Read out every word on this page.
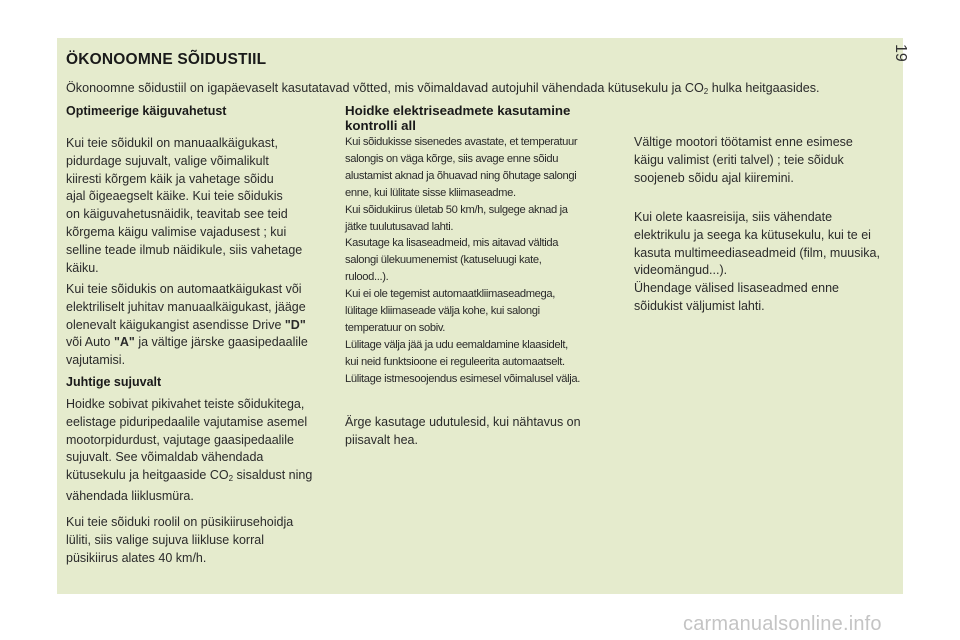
19
ÖKONOOMNE SÕIDUSTIIL

Ökonoomne sõidustiil on igapäevaselt kasutatavad võtted, mis võimaldavad autojuhil vähendada kütusekulu ja $CO_2$ hulka heitgaasides.

Optimeerige käiguvahetust

Kui teie sõidukil on manuaalkäigukast,

pidurdage sujuvalt, valige võimalikult

kiiresti kõrgem käik ja vahetage sõidu

ajal õigeaegselt käike. Kui teie sõidukis

on käiguvahetusnäidik, teavitab see teid

kõrgema käigu valimise vajadusest ; kui

selline teade ilmub näidikule, siis vahetage

käiku.

Kui teie sõidukis on automaatkäigukast või

elektriliselt juhitav manuaalkäigukast, jääge

olenevalt käigukangist asendisse Drive "D"

või Auto "A" ja vältige järske gaasipedaalile

vajutamisi.

Juhtige sujuvalt

Hoidke sobivat pikivahet teiste sõidukitega,

eelistage piduripedaalile vajutamise asemel

mootorpidurdust, vajutage gaasipedaalile

sujuvalt. See võimaldab vähendada

kütusekulu ja heitgaaside $CO_2$ sisaldust ning

vähendada liiklusmüra.

Kui teie sõiduki roolil on püsikiirusehoidja

lüliti, siis valige sujuva liikluse korral

püsikiirus alates 40 km/h.

Hoidke elektriseadmete kasutamine
kontrolli all

Kui sõidukisse sisenedes avastate, et temperatuur

salongis on väga kõrge, siis avage enne sõidu

alustamist aknad ja õhuavad ning õhutage salongi

enne, kui lülitate sisse kliimaseadme.

Kui sõidukiirus ületab 50 km/h, sulgege aknad ja

jätke tuulutusavad lahti.

Kasutage ka lisaseadmeid, mis aitavad vältida

salongi ülekuumenemist (katuseluugi kate,

rulood...).

Kui ei ole tegemist automaatkliimaseadmega,

lülitage kliimaseade välja kohe, kui salongi

temperatuur on sobiv.

Lülitage välja jää ja udu eemaldamine klaasidelt,

kui neid funktsioone ei reguleerita automaatselt.

Lülitage istmesoojendus esimesel võimalusel välja.

Ärge kasutage udutulesid, kui nähtavus on

piisavalt hea.

Vältige mootori töötamist enne esimese

käigu valimist (eriti talvel) ; teie sõiduk

soojeneb sõidu ajal kiiremini.

Kui olete kaasreisija, siis vähendate

elektrikulu ja seega ka kütusekulu, kui te ei

kasuta multimeediaseadmeid (film, muusika,

videomängud...).

Ühendage välised lisaseadmed enne

sõidukist väljumist lahti.

carmanualsonline.info
